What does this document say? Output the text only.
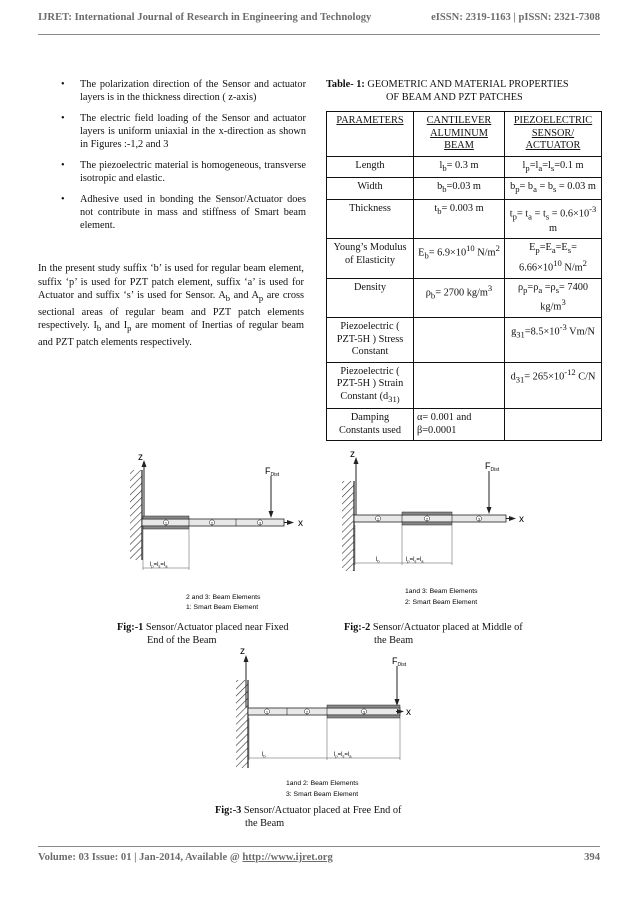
IJRET: International Journal of Research in Engineering and Technology	eISSN: 2319-1163 | pISSN: 2321-7308
• The polarization direction of the Sensor and actuator layers is in the thickness direction ( z-axis)
• The electric field loading of the Sensor and actuator layers is uniform uniaxial in the x-direction as shown in Figures :-1,2 and 3
• The piezoelectric material is homogeneous, transverse isotropic and elastic.
• Adhesive used in bonding the Sensor/Actuator does not contribute in mass and stiffness of Smart beam element.
In the present study suffix ‘b’ is used for regular beam element, suffix ‘p’ is used for PZT patch element, suffix ‘a’ is used for Actuator and suffix ‘s’ is used for Sensor. $A_b$ and $A_p$ are cross sectional areas of regular beam and PZT patch elements respectively. $I_b$ and $I_p$ are moment of Inertias of regular beam and PZT patch elements respectively.
Table- 1: GEOMETRIC AND MATERIAL PROPERTIES
OF BEAM AND PZT PATCHES
PARAMETERS	CANTILEVER ALUMINUM BEAM	PIEZOELECTRIC SENSOR/ ACTUATOR
Length	$l_b= 0.3$ m	$l_p=l_a=l_s=0.1$ m
Width	$b_b=0.03$ m	$b_p= b_a = b_s = 0.03$ m
Thickness	$t_b= 0.003$ m	$t_p= t_a = t_s = 0.6\times 10^{-3}$ m
Young’s Modulus of Elasticity	$E_b= 6.9\times 10^{10}$ $N/m^2$	$E_p=E_a=E_s= 6.66\times 10^{10}$ $N/m^2$
Density	$\rho_b= 2700$ $kg/m^3$	$\rho_p=\rho_a =\rho_s= 7400$ $kg/m^3$
Piezoelectric ( PZT-5H ) Stress Constant		$g_{31}=8.5\times 10^{-3}$ Vm/N
Piezoelectric ( PZT-5H ) Strain Constant ($d_{31)}$		$d_{31}= 265\times 10^{-12}$ C/N
Damping Constants used	α= 0.001 and
β=0.0001	

z
x
$F_{Dist}$
1	2	3
$l_p=l_s=l_a$
2 and 3: Beam Elements
1: Smart Beam Element
Fig:-1 Sensor/Actuator placed near Fixed
End of the Beam
z
x
$F_{Dist}$
1	2	3
$l_b$	$l_p=l_s=l_a$
1and 3: Beam Elements
2: Smart Beam Element
Fig:-2 Sensor/Actuator placed at Middle of
the Beam
z
x
$F_{Dist}$
1	2	3
$l_b$	$l_p=l_s=l_a$
1and 2: Beam Elements
3: Smart Beam Element
Fig:-3 Sensor/Actuator placed at Free End of
the Beam
Volume: 03 Issue: 01 | Jan-2014, Available @ http://www.ijret.org	394
